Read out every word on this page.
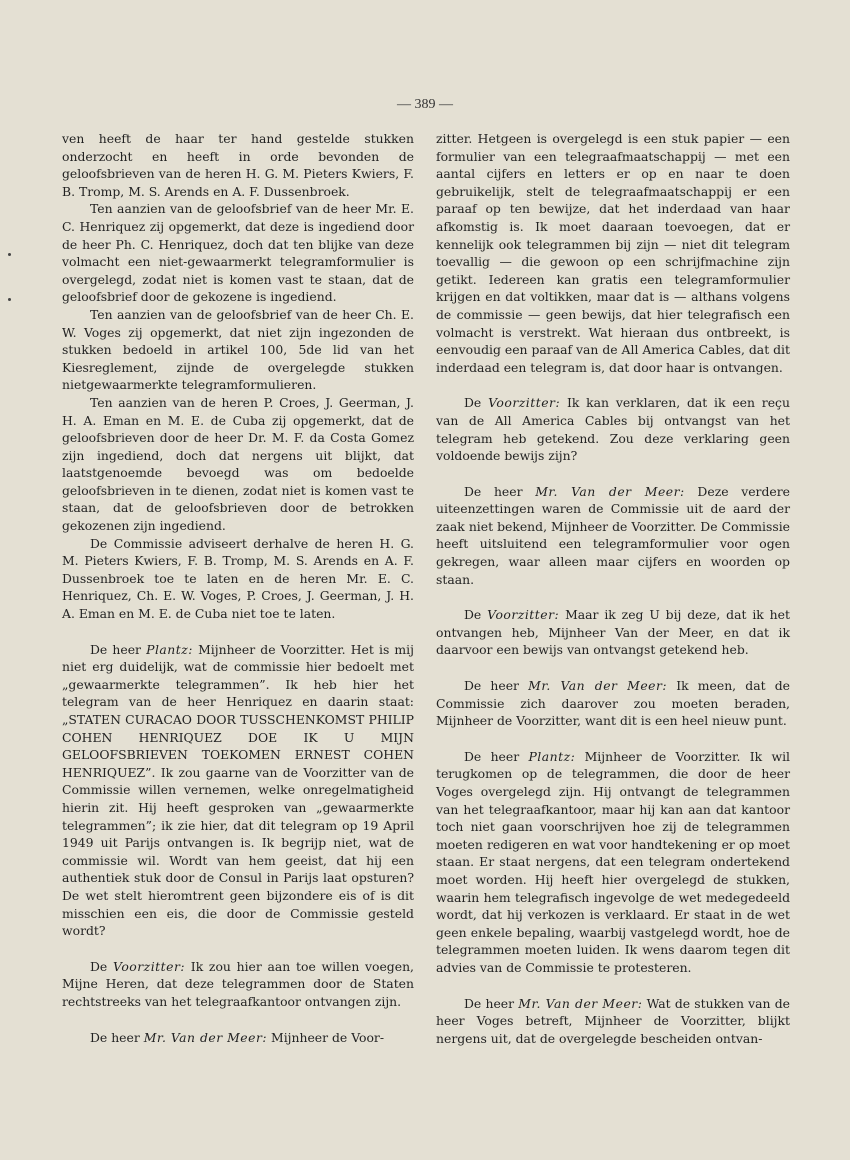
— 389 —

ven heeft de haar ter hand gestelde stukken onderzocht en heeft in orde bevonden de geloofsbrieven van de heren H. G. M. Pieters Kwiers, F. B. Tromp, M. S. Arends en A. F. Dussenbroek.

Ten aanzien van de geloofsbrief van de heer Mr. E. C. Henriquez zij opgemerkt, dat deze is ingediend door de heer Ph. C. Henriquez, doch dat ten blijke van deze volmacht een niet-gewaarmerkt telegramformulier is overgelegd, zodat niet is komen vast te staan, dat de geloofsbrief door de gekozene is ingediend.

Ten aanzien van de geloofsbrief van de heer Ch. E. W. Voges zij opgemerkt, dat niet zijn ingezonden de stukken bedoeld in artikel 100, 5de lid van het Kiesreglement, zijnde de overgelegde stukken nietgewaarmerkte telegramformulieren.

Ten aanzien van de heren P. Croes, J. Geerman, J. H. A. Eman en M. E. de Cuba zij opgemerkt, dat de geloofsbrieven door de heer Dr. M. F. da Costa Gomez zijn ingediend, doch dat nergens uit blijkt, dat laatstgenoemde bevoegd was om bedoelde geloofsbrieven in te dienen, zodat niet is komen vast te staan, dat de geloofsbrieven door de betrokken gekozenen zijn ingediend.

De Commissie adviseert derhalve de heren H. G. M. Pieters Kwiers, F. B. Tromp, M. S. Arends en A. F. Dussenbroek toe te laten en de heren Mr. E. C. Henriquez, Ch. E. W. Voges, P. Croes, J. Geerman, J. H. A. Eman en M. E. de Cuba niet toe te laten.

De heer Plantz: Mijnheer de Voorzitter. Het is mij niet erg duidelijk, wat de commissie hier bedoelt met „gewaarmerkte telegrammen”. Ik heb hier het telegram van de heer Henriquez en daarin staat: „STATEN CURACAO DOOR TUSSCHENKOMST PHILIP COHEN HENRIQUEZ DOE IK U MIJN GELOOFSBRIEVEN TOEKOMEN ERNEST COHEN HENRIQUEZ”. Ik zou gaarne van de Voorzitter van de Commissie willen vernemen, welke onregelmatigheid hierin zit. Hij heeft gesproken van „gewaarmerkte telegrammen”; ik zie hier, dat dit telegram op 19 April 1949 uit Parijs ontvangen is. Ik begrijp niet, wat de commissie wil. Wordt van hem geeist, dat hij een authentiek stuk door de Consul in Parijs laat opsturen? De wet stelt hieromtrent geen bijzondere eis of is dit misschien een eis, die door de Commissie gesteld wordt?

De Voorzitter: Ik zou hier aan toe willen voegen, Mijne Heren, dat deze telegrammen door de Staten rechtstreeks van het telegraafkantoor ontvangen zijn.

De heer Mr. Van der Meer: Mijnheer de Voor-

zitter. Hetgeen is overgelegd is een stuk papier — een formulier van een telegraafmaatschappij — met een aantal cijfers en letters er op en naar te doen gebruikelijk, stelt de telegraafmaatschappij er een paraaf op ten bewijze, dat het inderdaad van haar afkomstig is. Ik moet daaraan toevoegen, dat er kennelijk ook telegrammen bij zijn — niet dit telegram toevallig — die gewoon op een schrijfmachine zijn getikt. Iedereen kan gratis een telegramformulier krijgen en dat voltikken, maar dat is — althans volgens de commissie — geen bewijs, dat hier telegrafisch een volmacht is verstrekt. Wat hieraan dus ontbreekt, is eenvoudig een paraaf van de All America Cables, dat dit inderdaad een telegram is, dat door haar is ontvangen.

De Voorzitter: Ik kan verklaren, dat ik een reçu van de All America Cables bij ontvangst van het telegram heb getekend. Zou deze verklaring geen voldoende bewijs zijn?

De heer Mr. Van der Meer: Deze verdere uiteenzettingen waren de Commissie uit de aard der zaak niet bekend, Mijnheer de Voorzitter. De Commissie heeft uitsluitend een telegramformulier voor ogen gekregen, waar alleen maar cijfers en woorden op staan.

De Voorzitter: Maar ik zeg U bij deze, dat ik het ontvangen heb, Mijnheer Van der Meer, en dat ik daarvoor een bewijs van ontvangst getekend heb.

De heer Mr. Van der Meer: Ik meen, dat de Commissie zich daarover zou moeten beraden, Mijnheer de Voorzitter, want dit is een heel nieuw punt.

De heer Plantz: Mijnheer de Voorzitter. Ik wil terugkomen op de telegrammen, die door de heer Voges overgelegd zijn. Hij ontvangt de telegrammen van het telegraafkantoor, maar hij kan aan dat kantoor toch niet gaan voorschrijven hoe zij de telegrammen moeten redigeren en wat voor handtekening er op moet staan. Er staat nergens, dat een telegram ondertekend moet worden. Hij heeft hier overgelegd de stukken, waarin hem telegrafisch ingevolge de wet medegedeeld wordt, dat hij verkozen is verklaard. Er staat in de wet geen enkele bepaling, waarbij vastgelegd wordt, hoe de telegrammen moeten luiden. Ik wens daarom tegen dit advies van de Commissie te protesteren.

De heer Mr. Van der Meer: Wat de stukken van de heer Voges betreft, Mijnheer de Voorzitter, blijkt nergens uit, dat de overgelegde bescheiden ontvan-
